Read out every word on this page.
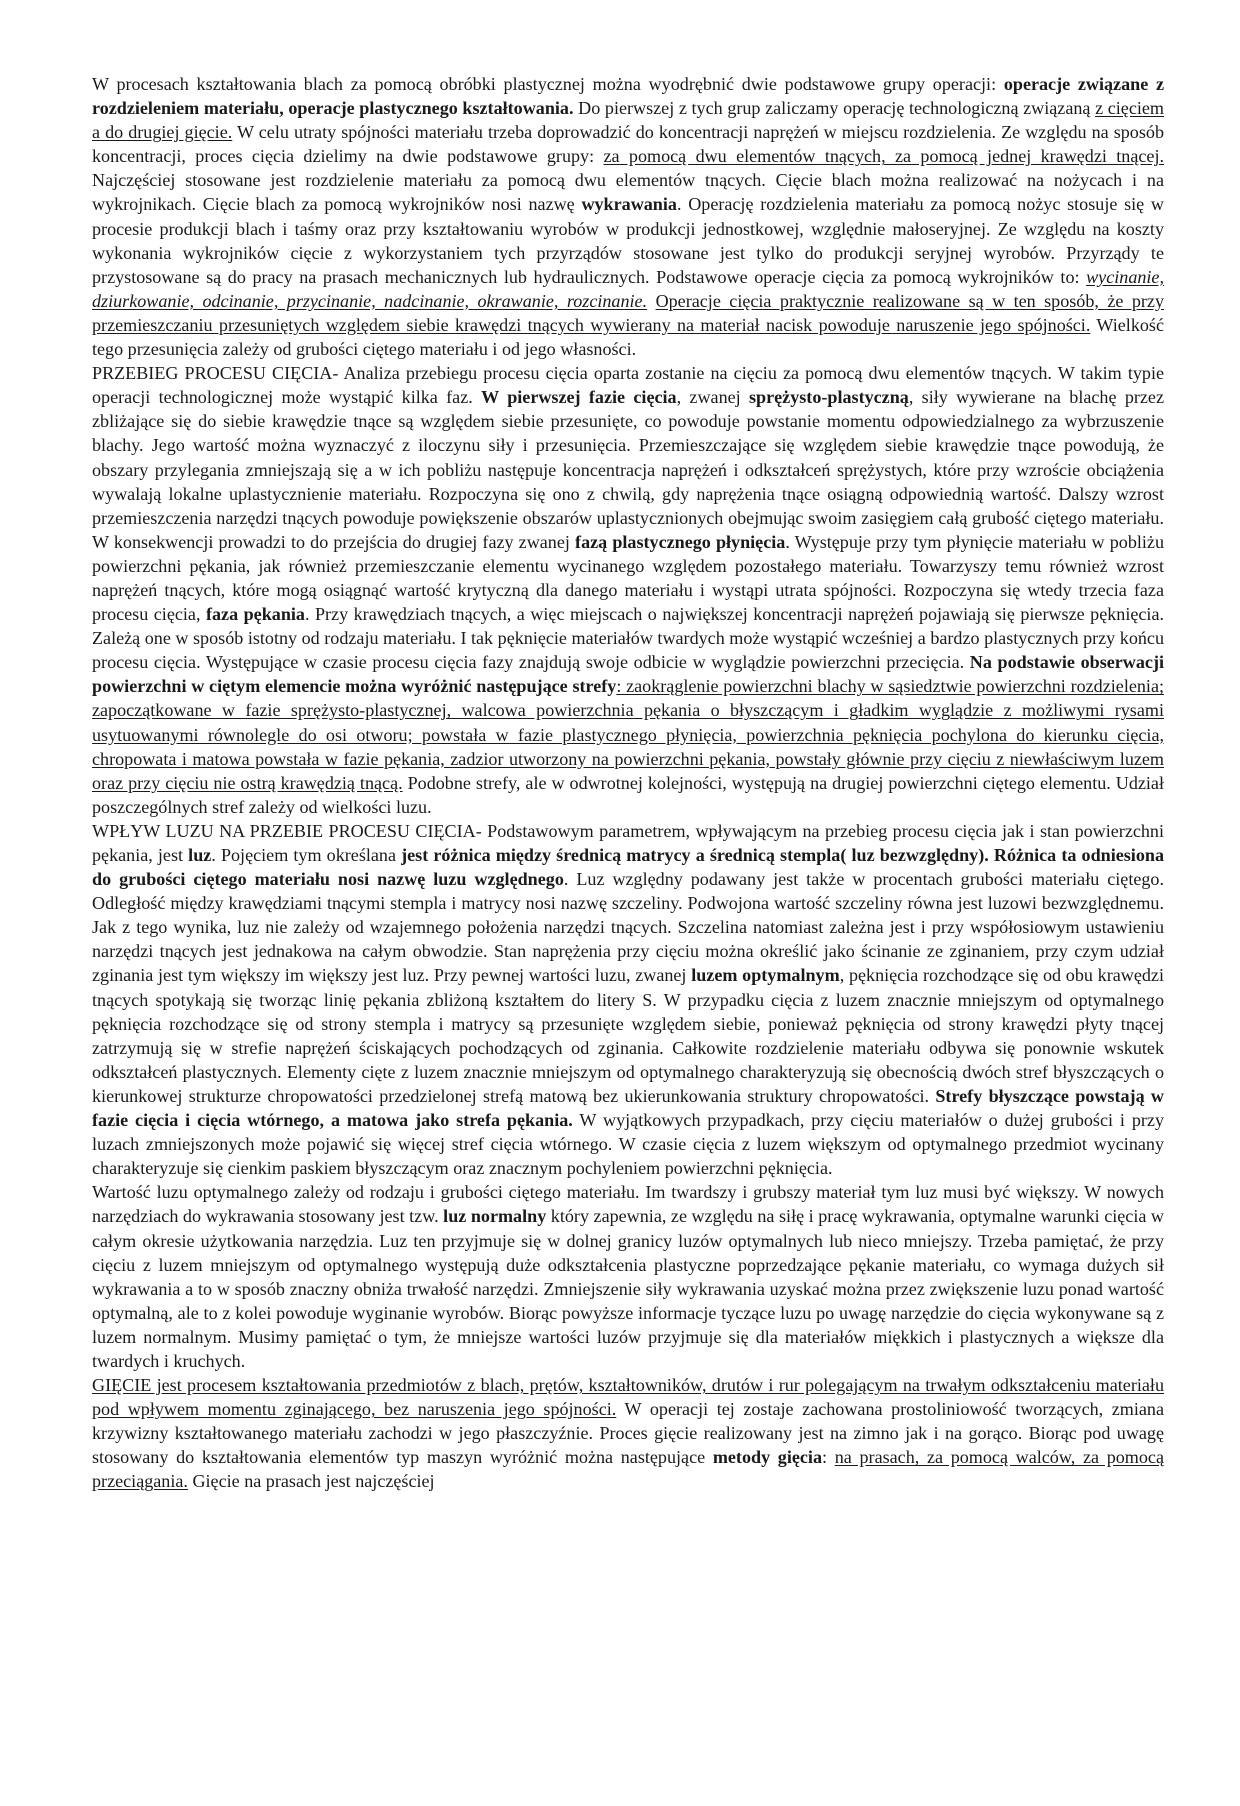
W procesach kształtowania blach za pomocą obróbki plastycznej można wyodrębnić dwie podstawowe grupy operacji: operacje związane z rozdzieleniem materiału, operacje plastycznego kształtowania. Do pierwszej z tych grup zaliczamy operację technologiczną związaną z cięciem a do drugiej gięcie. W celu utraty spójności materiału trzeba doprowadzić do koncentracji naprężeń w miejscu rozdzielenia. Ze względu na sposób koncentracji, proces cięcia dzielimy na dwie podstawowe grupy: za pomocą dwu elementów tnących, za pomocą jednej krawędzi tnącej. Najczęściej stosowane jest rozdzielenie materiału za pomocą dwu elementów tnących. Cięcie blach można realizować na nożycach i na wykrojnikach. Cięcie blach za pomocą wykrojników nosi nazwę wykrawania. Operację rozdzielenia materiału za pomocą nożyc stosuje się w procesie produkcji blach i taśmy oraz przy kształtowaniu wyrobów w produkcji jednostkowej, względnie małoseryjnej. Ze względu na koszty wykonania wykrojników cięcie z wykorzystaniem tych przyrządów stosowane jest tylko do produkcji seryjnej wyrobów. Przyrządy te przystosowane są do pracy na prasach mechanicznych lub hydraulicznych. Podstawowe operacje cięcia za pomocą wykrojników to: wycinanie, dziurkowanie, odcinanie, przycinanie, nadcinanie, okrawanie, rozcinanie. Operacje cięcia praktycznie realizowane są w ten sposób, że przy przemieszczaniu przesuniętych względem siebie krawędzi tnących wywierany na materiał nacisk powoduje naruszenie jego spójności. Wielkość tego przesunięcia zależy od grubości ciętego materiału i od jego własności.

PRZEBIEG PROCESU CIĘCIA- Analiza przebiegu procesu cięcia oparta zostanie na cięciu za pomocą dwu elementów tnących. W takim typie operacji technologicznej może wystąpić kilka faz. W pierwszej fazie cięcia, zwanej sprężysto-plastyczną, siły wywierane na blachę przez zbliżające się do siebie krawędzie tnące są względem siebie przesunięte, co powoduje powstanie momentu odpowiedzialnego za wybrzuszenie blachy. Jego wartość można wyznaczyć z iloczynu siły i przesunięcia. Przemieszczające się względem siebie krawędzie tnące powodują, że obszary przylegania zmniejszają się a w ich pobliżu następuje koncentracja naprężeń i odkształceń sprężystych, które przy wzroście obciążenia wywalają lokalne uplastycznienie materiału. Rozpoczyna się ono z chwilą, gdy naprężenia tnące osiągną odpowiednią wartość. Dalszy wzrost przemieszczenia narzędzi tnących powoduje powiększenie obszarów uplastycznionych obejmując swoim zasięgiem całą grubość ciętego materiału. W konsekwencji prowadzi to do przejścia do drugiej fazy zwanej fazą plastycznego płynięcia. Występuje przy tym płynięcie materiału w pobliżu powierzchni pękania, jak również przemieszczanie elementu wycinanego względem pozostałego materiału. Towarzyszy temu również wzrost naprężeń tnących, które mogą osiągnąć wartość krytyczną dla danego materiału i wystąpi utrata spójności. Rozpoczyna się wtedy trzecia faza procesu cięcia, faza pękania. Przy krawędziach tnących, a więc miejscach o największej koncentracji naprężeń pojawiają się pierwsze pęknięcia. Zależą one w sposób istotny od rodzaju materiału. I tak pęknięcie materiałów twardych może wystąpić wcześniej a bardzo plastycznych przy końcu procesu cięcia. Występujące w czasie procesu cięcia fazy znajdują swoje odbicie w wyglądzie powierzchni przecięcia. Na podstawie obserwacji powierzchni w ciętym elemencie można wyróżnić następujące strefy: zaokrąglenie powierzchni blachy w sąsiedztwie powierzchni rozdzielenia; zapoczątkowane w fazie sprężysto-plastycznej, walcowa powierzchnia pękania o błyszczącym i gładkim wyglądzie z możliwymi rysami usytuowanymi równolegle do osi otworu; powstała w fazie plastycznego płynięcia, powierzchnia pęknięcia pochylona do kierunku cięcia, chropowata i matowa powstała w fazie pękania, zadzior utworzony na powierzchni pękania, powstały głównie przy cięciu z niewłaściwym luzem oraz przy cięciu nie ostrą krawędzią tnącą. Podobne strefy, ale w odwrotnej kolejności, występują na drugiej powierzchni ciętego elementu. Udział poszczególnych stref zależy od wielkości luzu.

WPŁYW LUZU NA PRZEBIE PROCESU CIĘCIA- Podstawowym parametrem, wpływającym na przebieg procesu cięcia jak i stan powierzchni pękania, jest luz. Pojęciem tym określana jest różnica między średnicą matrycy a średnicą stempla( luz bezwzględny). Różnica ta odniesiona do grubości ciętego materiału nosi nazwę luzu względnego. Luz względny podawany jest także w procentach grubości materiału ciętego. Odległość między krawędziami tnącymi stempla i matrycy nosi nazwę szczeliny. Podwojona wartość szczeliny równa jest luzowi bezwzględnemu. Jak z tego wynika, luz nie zależy od wzajemnego położenia narzędzi tnących. Szczelina natomiast zależna jest i przy współosiowym ustawieniu narzędzi tnących jest jednakowa na całym obwodzie. Stan naprężenia przy cięciu można określić jako ścinanie ze zginaniem, przy czym udział zginania jest tym większy im większy jest luz. Przy pewnej wartości luzu, zwanej luzem optymalnym, pęknięcia rozchodzące się od obu krawędzi tnących spotykają się tworząc linię pękania zbliżoną kształtem do litery S. W przypadku cięcia z luzem znacznie mniejszym od optymalnego pęknięcia rozchodzące się od strony stempla i matrycy są przesunięte względem siebie, ponieważ pęknięcia od strony krawędzi płyty tnącej zatrzymują się w strefie naprężeń ściskających pochodzących od zginania. Całkowite rozdzielenie materiału odbywa się ponownie wskutek odkształceń plastycznych. Elementy cięte z luzem znacznie mniejszym od optymalnego charakteryzują się obecnością dwóch stref błyszczących o kierunkowej strukturze chropowatości przedzielonej strefą matową bez ukierunkowania struktury chropowatości. Strefy błyszczące powstają w fazie cięcia i cięcia wtórnego, a matowa jako strefa pękania. W wyjątkowych przypadkach, przy cięciu materiałów o dużej grubości i przy luzach zmniejszonych może pojawić się więcej stref cięcia wtórnego. W czasie cięcia z luzem większym od optymalnego przedmiot wycinany charakteryzuje się cienkim paskiem błyszczącym oraz znacznym pochyleniem powierzchni pęknięcia.

Wartość luzu optymalnego zależy od rodzaju i grubości ciętego materiału. Im twardszy i grubszy materiał tym luz musi być większy. W nowych narzędziach do wykrawania stosowany jest tzw. luz normalny który zapewnia, ze względu na siłę i pracę wykrawania, optymalne warunki cięcia w całym okresie użytkowania narzędzia. Luz ten przyjmuje się w dolnej granicy luzów optymalnych lub nieco mniejszy. Trzeba pamiętać, że przy cięciu z luzem mniejszym od optymalnego występują duże odkształcenia plastyczne poprzedzające pękanie materiału, co wymaga dużych sił wykrawania a to w sposób znaczny obniża trwałość narzędzi. Zmniejszenie siły wykrawania uzyskać można przez zwiększenie luzu ponad wartość optymalną, ale to z kolei powoduje wyginanie wyrobów. Biorąc powyższe informacje tyczące luzu po uwagę narzędzie do cięcia wykonywane są z luzem normalnym. Musimy pamiętać o tym, że mniejsze wartości luzów przyjmuje się dla materiałów miękkich i plastycznych a większe dla twardych i kruchych.

GIĘCIE jest procesem kształtowania przedmiotów z blach, prętów, kształtowników, drutów i rur polegającym na trwałym odkształceniu materiału pod wpływem momentu zginającego, bez naruszenia jego spójności. W operacji tej zostaje zachowana prostoliniowość tworzących, zmiana krzywizny kształtowanego materiału zachodzi w jego płaszczyźnie. Proces gięcie realizowany jest na zimno jak i na gorąco. Biorąc pod uwagę stosowany do kształtowania elementów typ maszyn wyróżnić można następujące metody gięcia: na prasach, za pomocą walców, za pomocą przeciągania. Gięcie na prasach jest najczęściej
